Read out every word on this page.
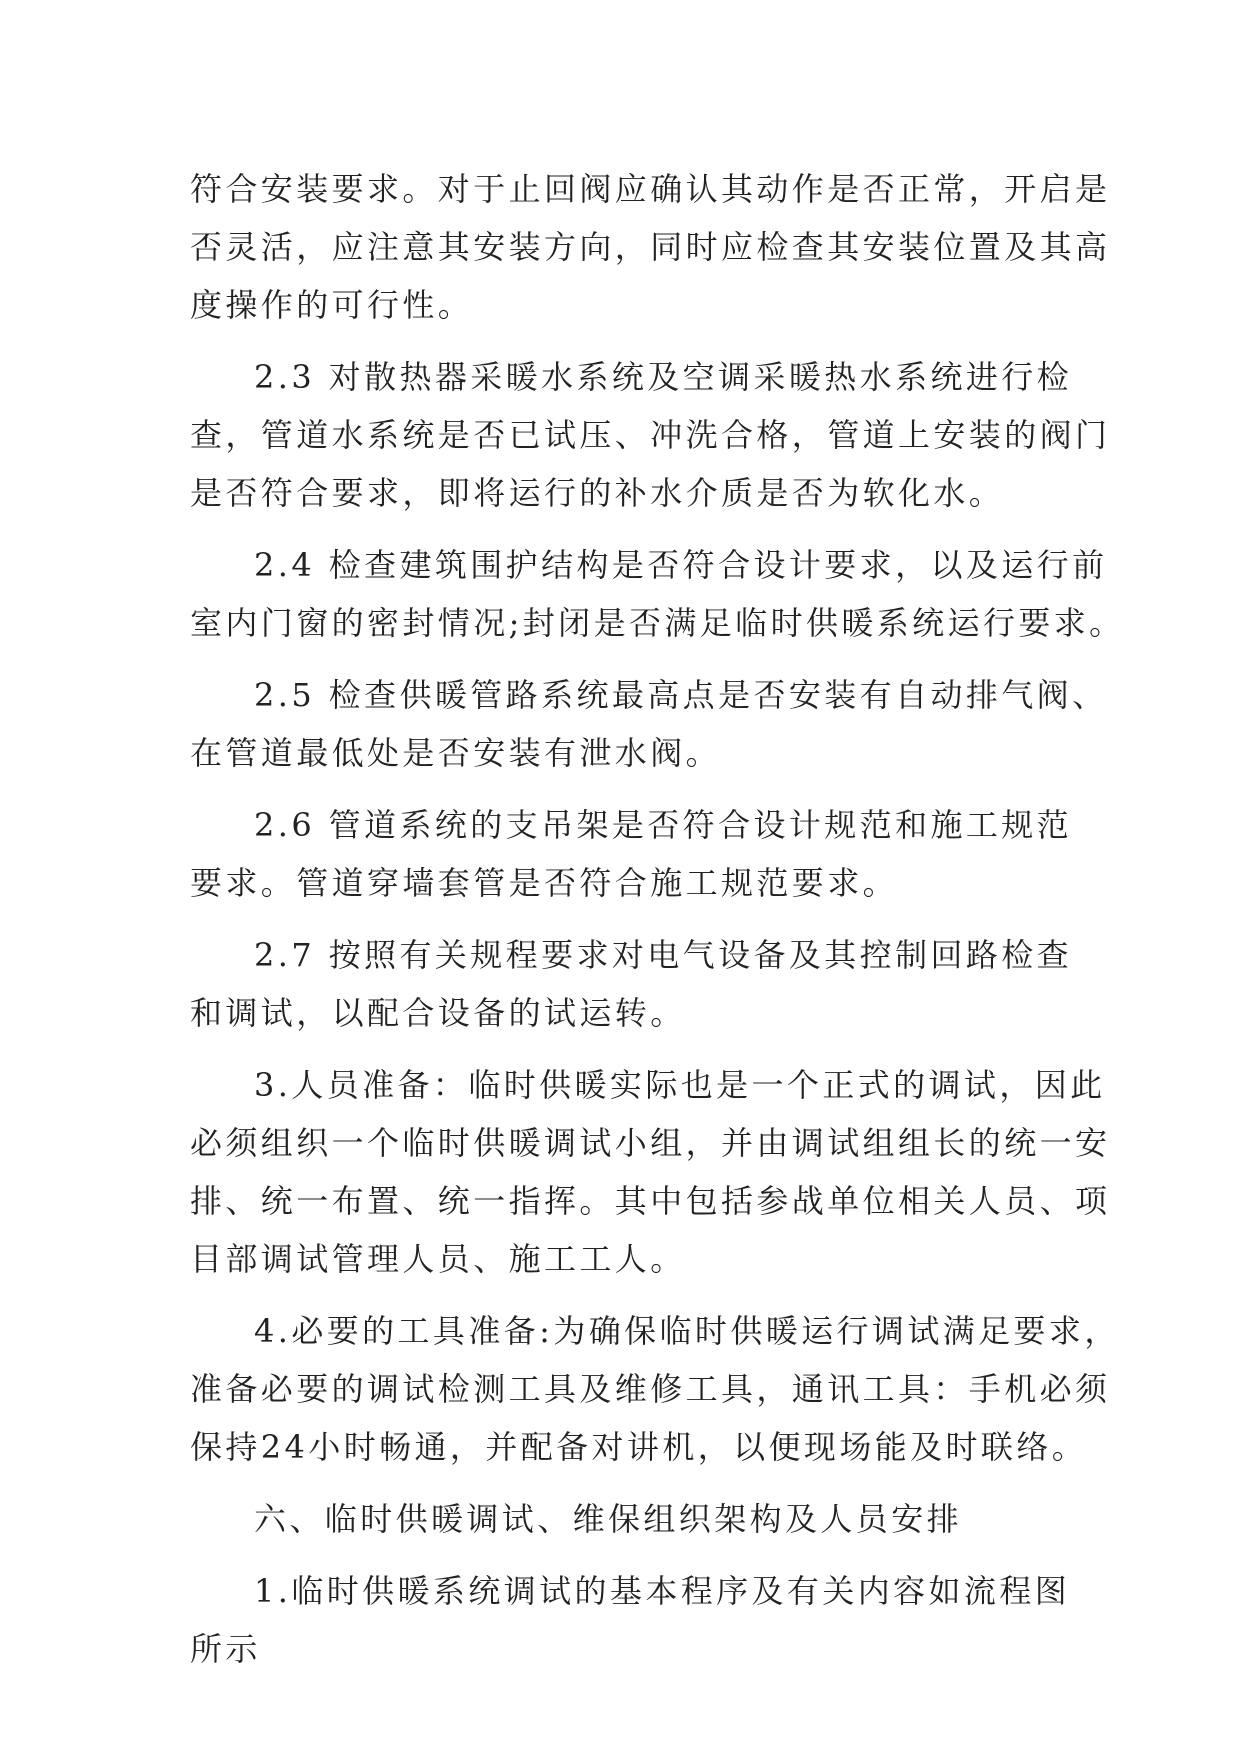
符合安装要求。对于止回阀应确认其动作是否正常，开启是
否灵活，应注意其安装方向，同时应检查其安装位置及其高
度操作的可行性。
2.3 对散热器采暖水系统及空调采暖热水系统进行检
查，管道水系统是否已试压、冲洗合格，管道上安装的阀门
是否符合要求，即将运行的补水介质是否为软化水。
2.4 检查建筑围护结构是否符合设计要求，以及运行前
室内门窗的密封情况;封闭是否满足临时供暖系统运行要求。
2.5 检查供暖管路系统最高点是否安装有自动排气阀、
在管道最低处是否安装有泄水阀。
2.6 管道系统的支吊架是否符合设计规范和施工规范
要求。管道穿墙套管是否符合施工规范要求。
2.7 按照有关规程要求对电气设备及其控制回路检查
和调试，以配合设备的试运转。
3.人员准备：临时供暖实际也是一个正式的调试，因此
必须组织一个临时供暖调试小组，并由调试组组长的统一安
排、统一布置、统一指挥。其中包括参战单位相关人员、项
目部调试管理人员、施工工人。
4.必要的工具准备:为确保临时供暖运行调试满足要求，
准备必要的调试检测工具及维修工具，通讯工具：手机必须
保持24小时畅通，并配备对讲机，以便现场能及时联络。
六、临时供暖调试、维保组织架构及人员安排
1.临时供暖系统调试的基本程序及有关内容如流程图
所示
